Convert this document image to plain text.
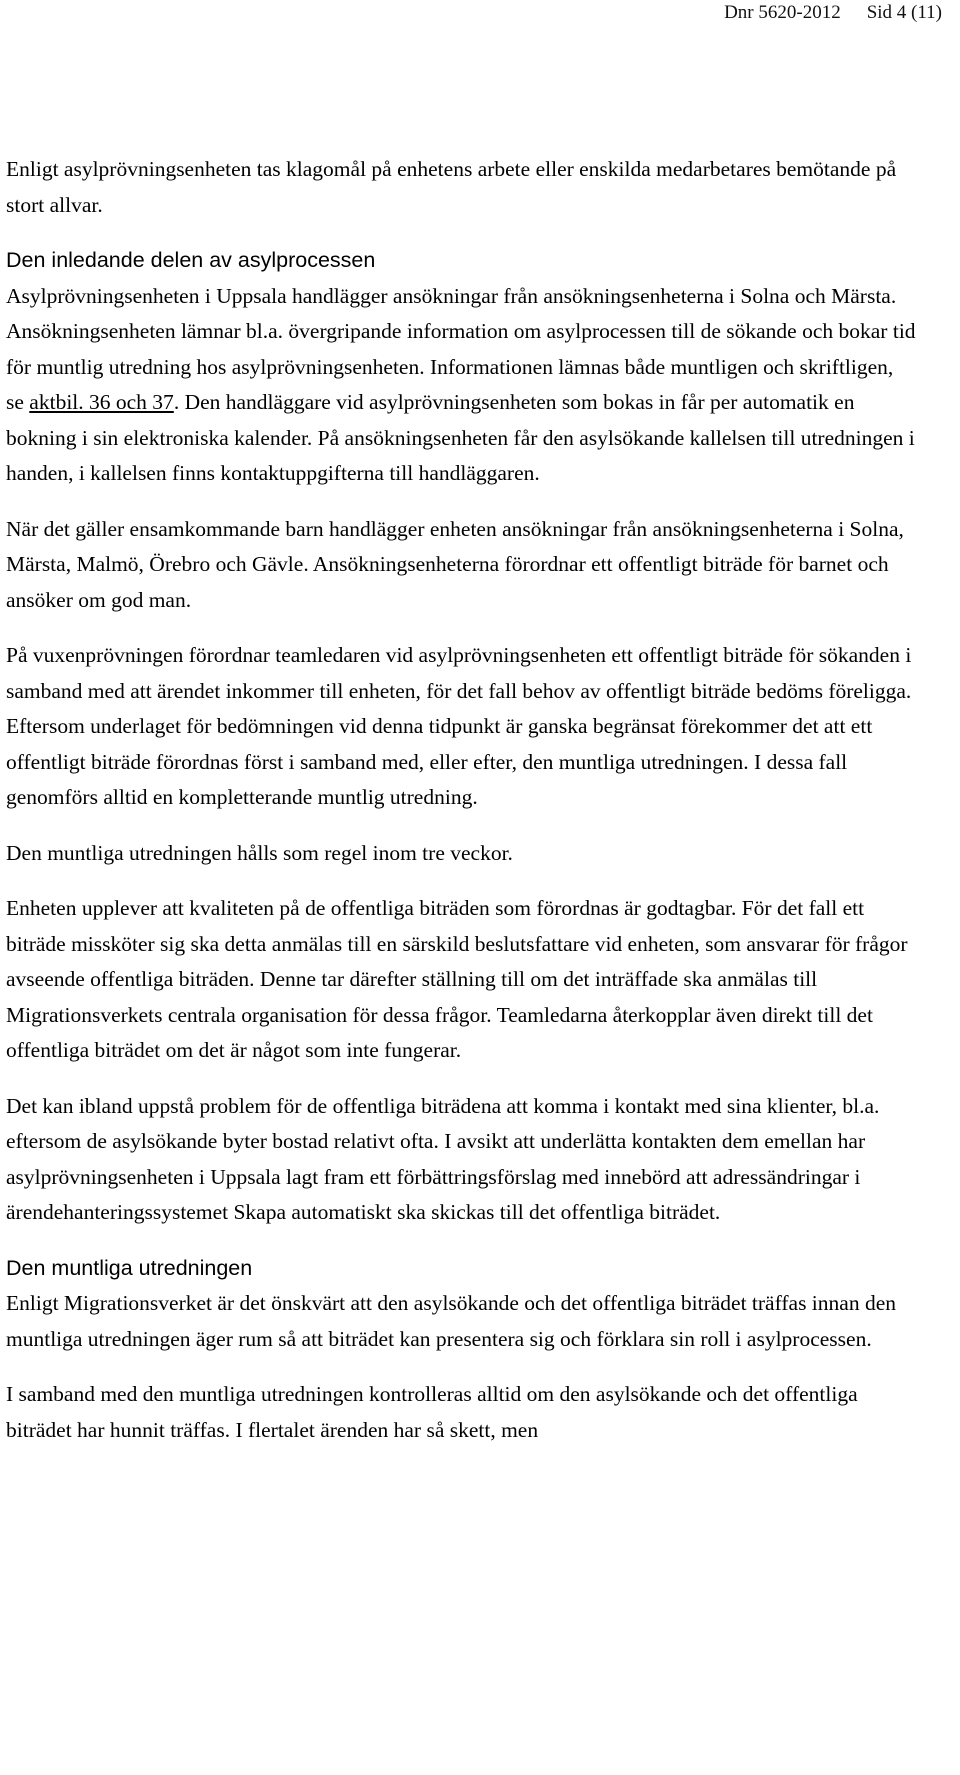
Dnr 5620-2012 Sid 4 (11)

Enligt asylprövningsenheten tas klagomål på enhetens arbete eller enskilda medarbetares bemötande på stort allvar.

Den inledande delen av asylprocessen

Asylprövningsenheten i Uppsala handlägger ansökningar från ansökningsenheterna i Solna och Märsta. Ansökningsenheten lämnar bl.a. övergripande information om asylprocessen till de sökande och bokar tid för muntlig utredning hos asylprövningsenheten. Informationen lämnas både muntligen och skriftligen, se aktbil. 36 och 37. Den handläggare vid asylprövningsenheten som bokas in får per automatik en bokning i sin elektroniska kalender. På ansökningsenheten får den asylsökande kallelsen till utredningen i handen, i kallelsen finns kontaktuppgifterna till handläggaren.

När det gäller ensamkommande barn handlägger enheten ansökningar från ansökningsenheterna i Solna, Märsta, Malmö, Örebro och Gävle. Ansökningsenheterna förordnar ett offentligt biträde för barnet och ansöker om god man.

På vuxenprövningen förordnar teamledaren vid asylprövningsenheten ett offentligt biträde för sökanden i samband med att ärendet inkommer till enheten, för det fall behov av offentligt biträde bedöms föreligga. Eftersom underlaget för bedömningen vid denna tidpunkt är ganska begränsat förekommer det att ett offentligt biträde förordnas först i samband med, eller efter, den muntliga utredningen. I dessa fall genomförs alltid en kompletterande muntlig utredning.

Den muntliga utredningen hålls som regel inom tre veckor.

Enheten upplever att kvaliteten på de offentliga biträden som förordnas är godtagbar. För det fall ett biträde missköter sig ska detta anmälas till en särskild beslutsfattare vid enheten, som ansvarar för frågor avseende offentliga biträden. Denne tar därefter ställning till om det inträffade ska anmälas till Migrationsverkets centrala organisation för dessa frågor. Teamledarna återkopplar även direkt till det offentliga biträdet om det är något som inte fungerar.

Det kan ibland uppstå problem för de offentliga biträdena att komma i kontakt med sina klienter, bl.a. eftersom de asylsökande byter bostad relativt ofta. I avsikt att underlätta kontakten dem emellan har asylprövningsenheten i Uppsala lagt fram ett förbättringsförslag med innebörd att adressändringar i ärendehanteringssystemet Skapa automatiskt ska skickas till det offentliga biträdet.

Den muntliga utredningen

Enligt Migrationsverket är det önskvärt att den asylsökande och det offentliga biträdet träffas innan den muntliga utredningen äger rum så att biträdet kan presentera sig och förklara sin roll i asylprocessen.

I samband med den muntliga utredningen kontrolleras alltid om den asylsökande och det offentliga biträdet har hunnit träffas. I flertalet ärenden har så skett, men
